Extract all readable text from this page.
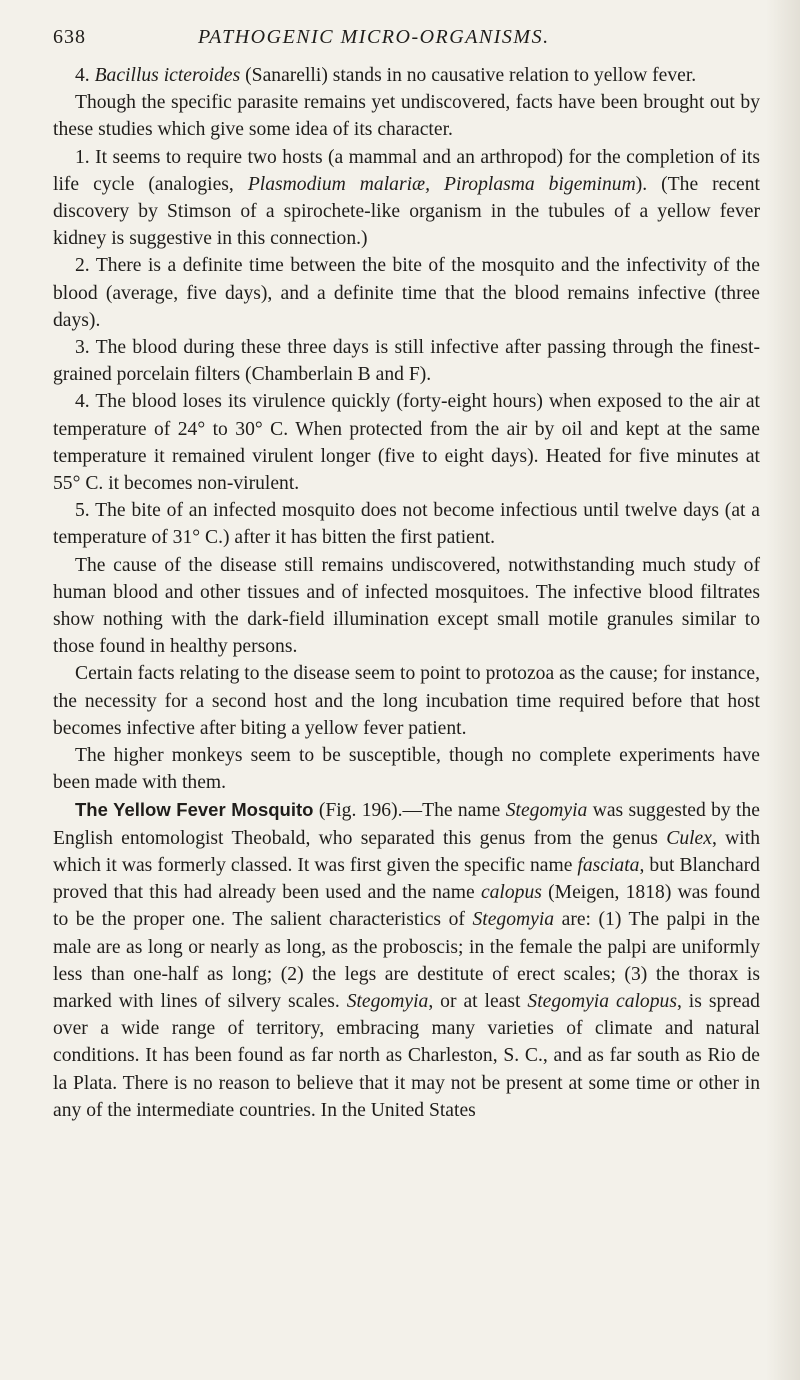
638	PATHOGENIC MICRO-ORGANISMS.

4. Bacillus icteroides (Sanarelli) stands in no causative relation to yellow fever.

Though the specific parasite remains yet undiscovered, facts have been brought out by these studies which give some idea of its character.

1. It seems to require two hosts (a mammal and an arthropod) for the completion of its life cycle (analogies, Plasmodium malariæ, Piroplasma bigeminum). (The recent discovery by Stimson of a spirochete-like organism in the tubules of a yellow fever kidney is suggestive in this connection.)

2. There is a definite time between the bite of the mosquito and the infectivity of the blood (average, five days), and a definite time that the blood remains infective (three days).

3. The blood during these three days is still infective after passing through the finest-grained porcelain filters (Chamberlain B and F).

4. The blood loses its virulence quickly (forty-eight hours) when exposed to the air at temperature of 24° to 30° C. When protected from the air by oil and kept at the same temperature it remained virulent longer (five to eight days). Heated for five minutes at 55° C. it becomes non-virulent.

5. The bite of an infected mosquito does not become infectious until twelve days (at a temperature of 31° C.) after it has bitten the first patient.

The cause of the disease still remains undiscovered, notwithstanding much study of human blood and other tissues and of infected mosquitoes. The infective blood filtrates show nothing with the dark-field illumination except small motile granules similar to those found in healthy persons.

Certain facts relating to the disease seem to point to protozoa as the cause; for instance, the necessity for a second host and the long incubation time required before that host becomes infective after biting a yellow fever patient.

The higher monkeys seem to be susceptible, though no complete experiments have been made with them.

The Yellow Fever Mosquito (Fig. 196).—The name Stegomyia was suggested by the English entomologist Theobald, who separated this genus from the genus Culex, with which it was formerly classed. It was first given the specific name fasciata, but Blanchard proved that this had already been used and the name calopus (Meigen, 1818) was found to be the proper one. The salient characteristics of Stegomyia are: (1) The palpi in the male are as long or nearly as long, as the proboscis; in the female the palpi are uniformly less than one-half as long; (2) the legs are destitute of erect scales; (3) the thorax is marked with lines of silvery scales. Stegomyia, or at least Stegomyia calopus, is spread over a wide range of territory, embracing many varieties of climate and natural conditions. It has been found as far north as Charleston, S. C., and as far south as Rio de la Plata. There is no reason to believe that it may not be present at some time or other in any of the intermediate countries. In the United States
